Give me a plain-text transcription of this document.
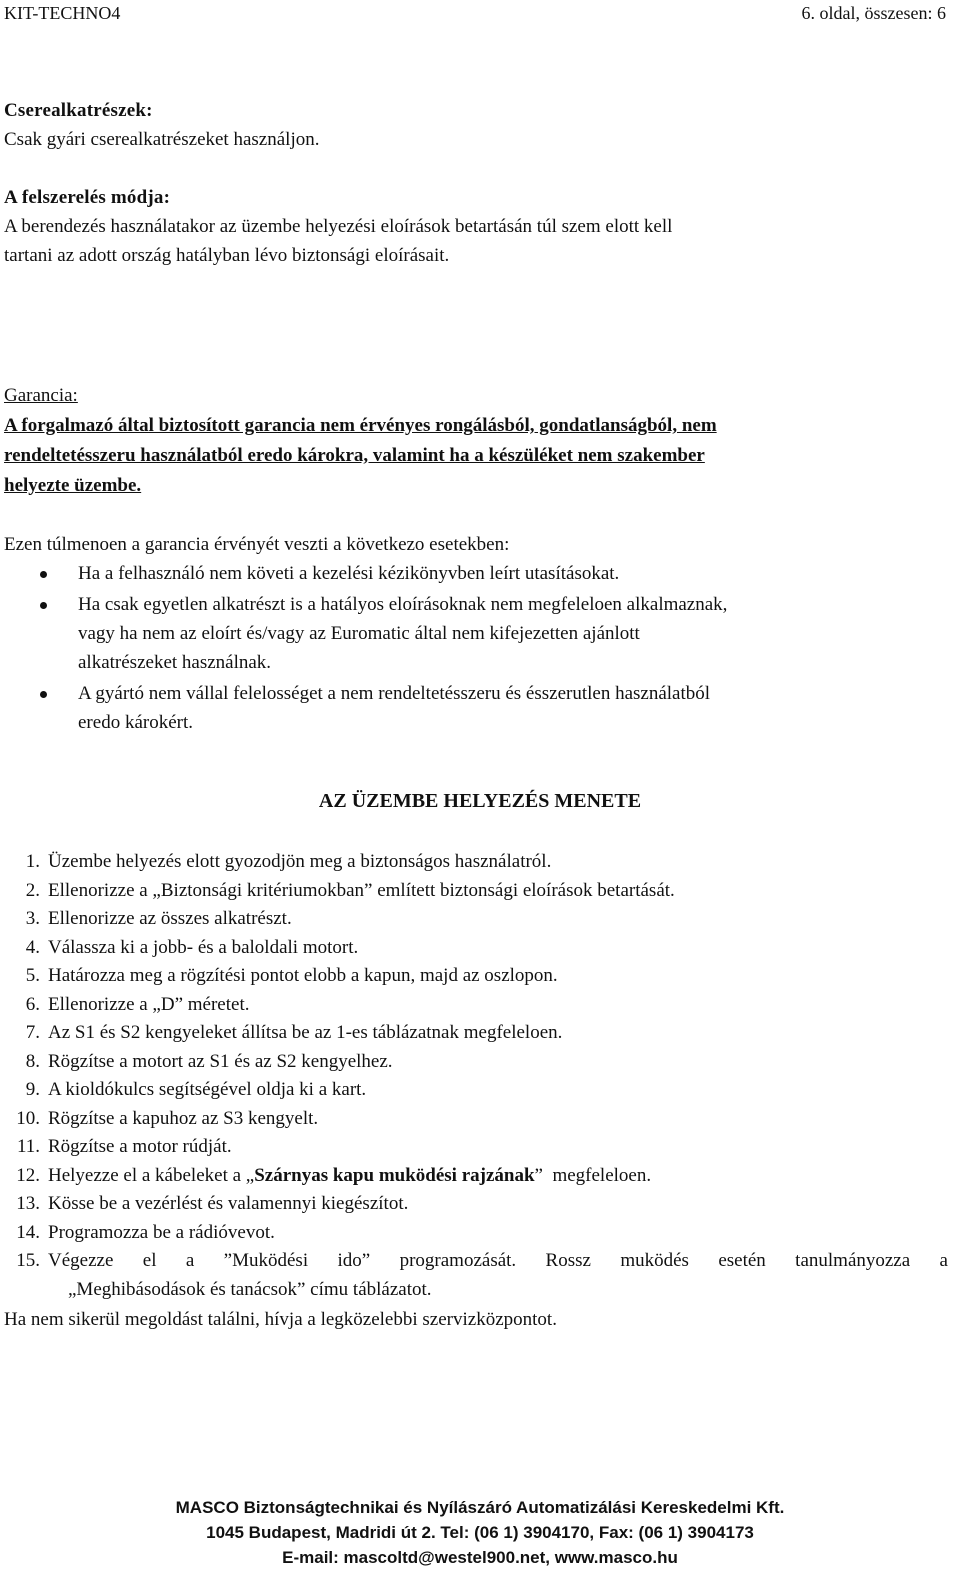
KIT-TECHNO4	6. oldal, összesen: 6
Cserealkatrészek:
Csak gyári cserealkatrészeket használjon.
A felszerelés módja:
A berendezés használatakor az üzembe helyezési eloírások betartásán túl szem elott kell
tartani az adott ország hatályban lévo biztonsági eloírásait.
Garancia:
A forgalmazó által biztosított garancia nem érvényes rongálásból, gondatlanságból, nem
rendeltetésszeru használatból eredo károkra, valamint ha a készüléket nem szakember
helyezte üzembe.
Ezen túlmenoen a garancia érvényét veszti a következo esetekben:
Ha a felhasználó nem követi a kezelési kézikönyvben leírt utasításokat.
Ha csak egyetlen alkatrészt is a hatályos eloírásoknak nem megfeleloen alkalmaznak,
vagy ha nem az eloírt és/vagy az Euromatic által nem kifejezetten ajánlott
alkatrészeket használnak.
A gyártó nem vállal felelosséget a nem rendeltetésszeru és ésszerutlen használatból
eredo károkért.
AZ ÜZEMBE HELYEZÉS MENETE
1. Üzembe helyezés elott gyozodjön meg a biztonságos használatról.
2. Ellenorizze a „Biztonsági kritériumokban” említett biztonsági eloírások betartását.
3. Ellenorizze az összes alkatrészt.
4. Válassza ki a jobb- és a baloldali motort.
5. Határozza meg a rögzítési pontot elobb a kapun, majd az oszlopon.
6. Ellenorizze a „D” méretet.
7. Az S1 és S2 kengyeleket állítsa be az 1-es táblázatnak megfeleloen.
8. Rögzítse a motort az S1 és az S2 kengyelhez.
9. A kioldókulcs segítségével oldja ki a kart.
10. Rögzítse a kapuhoz az S3 kengyelt.
11. Rögzítse a motor rúdját.
12. Helyezze el a kábeleket a „Szárnyas kapu muködési rajzának”  megfeleloen.
13. Kösse be a vezérlést és valamennyi kiegészítot.
14. Programozza be a rádióvevot.
15. Végezze el a ”Muködési ido” programozását. Rossz muködés esetén tanulmányozza a
„Meghibásodások és tanácsok” címu táblázatot.
Ha nem sikerül megoldást találni, hívja a legközelebbi szervizközpontot.
MASCO Biztonságtechnikai és Nyílászáró Automatizálási Kereskedelmi Kft.
1045 Budapest, Madridi út 2. Tel: (06 1) 3904170, Fax: (06 1) 3904173
E-mail: mascoltd@westel900.net, www.masco.hu
